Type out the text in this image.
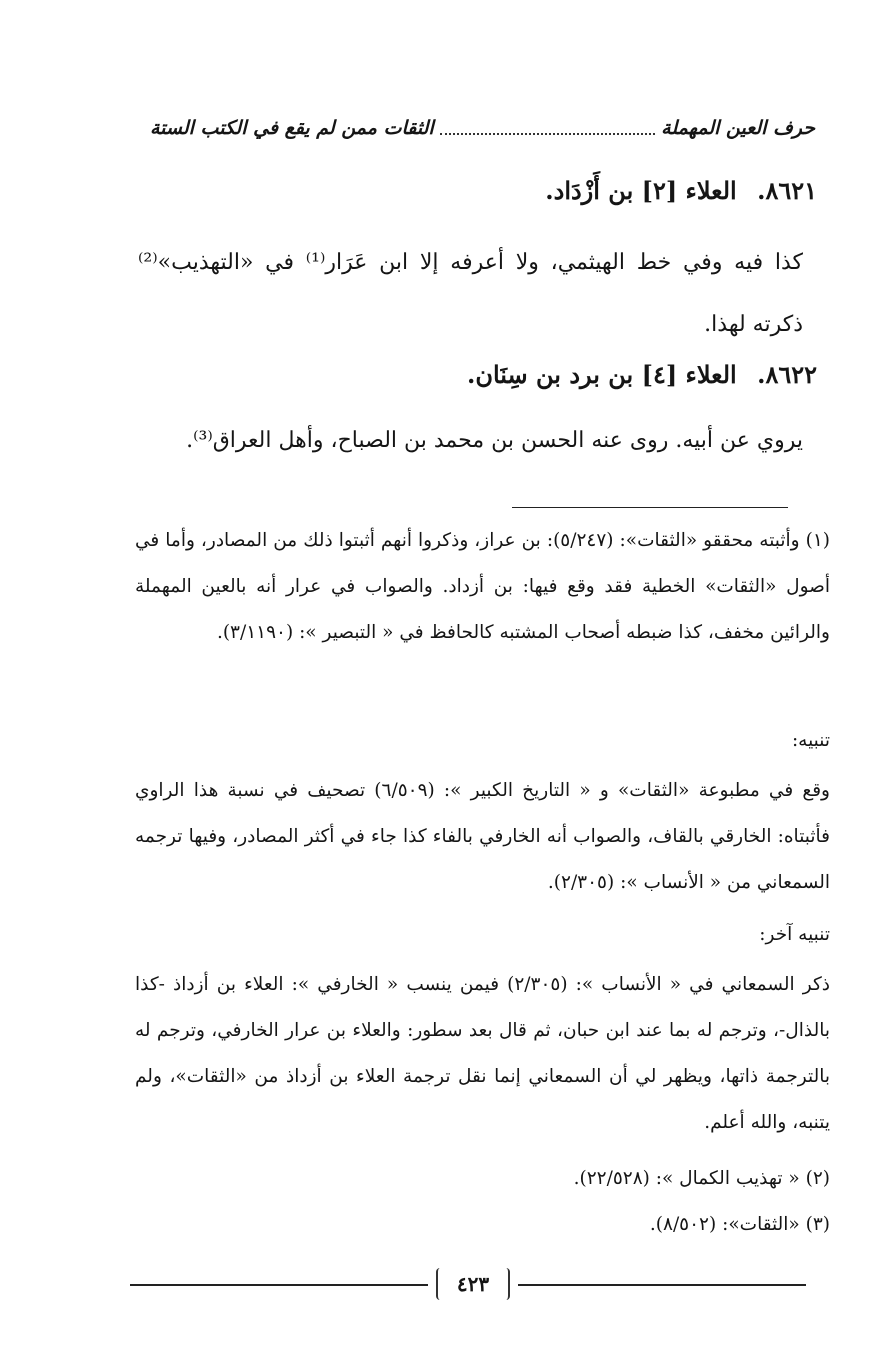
حرف العين المهملة
الثقات ممن لم يقع في الكتب الستة
٨٦٢١. العلاء [٢] بن أَزْدَاد.
كذا فيه وفي خط الهيثمي، ولا أعرفه إلا ابن عَرَار⁽¹⁾ في «التهذيب»⁽²⁾ ذكرته لهذا.
٨٦٢٢. العلاء [٤] بن برد بن سِنَان.
يروي عن أبيه. روى عنه الحسن بن محمد بن الصباح، وأهل العراق⁽³⁾.
(١) وأثبته محققو «الثقات»: (٥/٢٤٧): بن عراز، وذكروا أنهم أثبتوا ذلك من المصادر، وأما في أصول «الثقات» الخطية فقد وقع فيها: بن أزداد. والصواب في عرار أنه بالعين المهملة والرائين مخفف، كذا ضبطه أصحاب المشتبه كالحافظ في « التبصير »: (٣/١١٩٠).
تنبيه:
وقع في مطبوعة «الثقات» و « التاريخ الكبير »: (٦/٥٠٩) تصحيف في نسبة هذا الراوي فأثبتاه: الخارقي بالقاف، والصواب أنه الخارفي بالفاء كذا جاء في أكثر المصادر، وفيها ترجمه السمعاني من « الأنساب »: (٢/٣٠٥).
تنبيه آخر:
ذكر السمعاني في « الأنساب »: (٢/٣٠٥) فيمن ينسب « الخارفي »: العلاء بن أزداذ -كذا بالذال-، وترجم له بما عند ابن حبان، ثم قال بعد سطور: والعلاء بن عرار الخارفي، وترجم له بالترجمة ذاتها، ويظهر لي أن السمعاني إنما نقل ترجمة العلاء بن أزداذ من «الثقات»، ولم يتنبه، والله أعلم.
(٢) « تهذيب الكمال »: (٢٢/٥٢٨).
(٣) «الثقات»: (٨/٥٠٢).
٤٢٣
